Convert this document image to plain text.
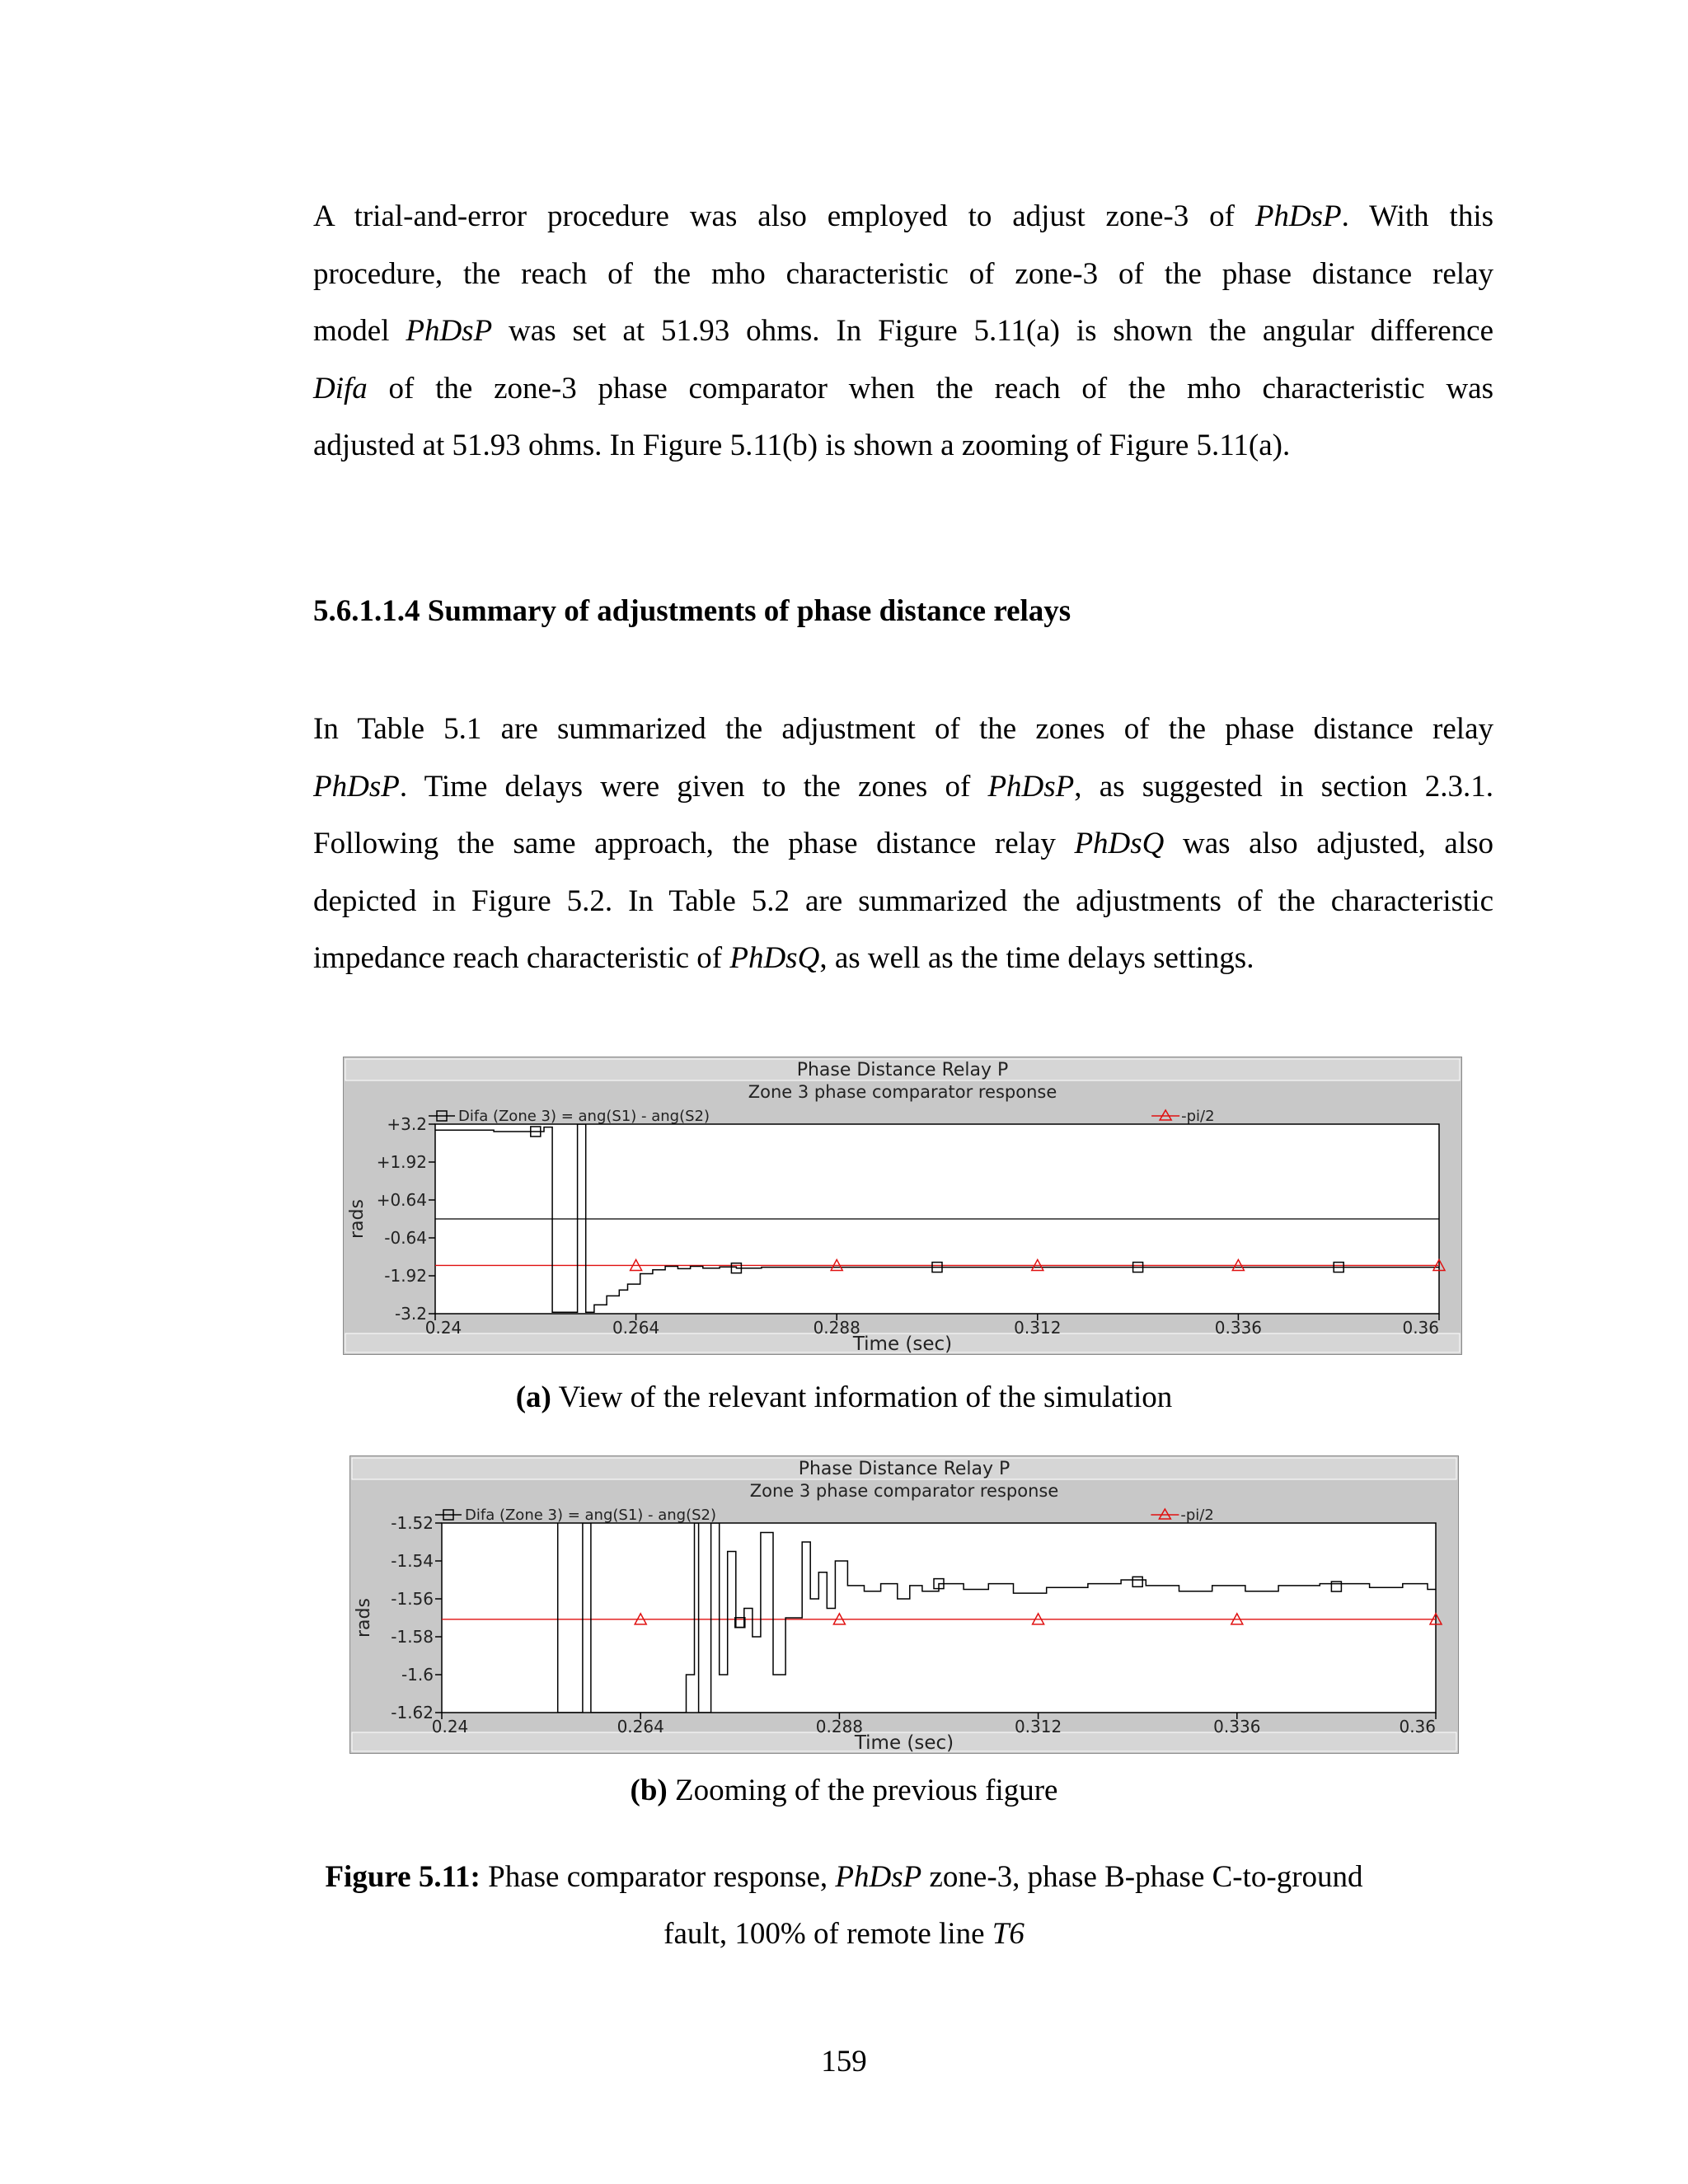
A trial-and-error procedure was also employed to adjust zone-3 of PhDsP. With this
procedure, the reach of the mho characteristic of zone-3 of the phase distance relay
model PhDsP was set at 51.93 ohms. In Figure 5.11(a) is shown the angular difference
Difa of the zone-3 phase comparator when the reach of the mho characteristic was
adjusted at 51.93 ohms. In Figure 5.11(b) is shown a zooming of Figure 5.11(a).
5.6.1.1.4 Summary of adjustments of phase distance relays
In Table 5.1 are summarized the adjustment of the zones of the phase distance relay
PhDsP. Time delays were given to the zones of PhDsP, as suggested in section 2.3.1.
Following the same approach, the phase distance relay PhDsQ was also adjusted, also
depicted in Figure 5.2. In Table 5.2 are summarized the adjustments of the characteristic
impedance reach characteristic of PhDsQ, as well as the time delays settings.
Phase Distance Relay P
Zone 3 phase comparator response
rads
+3.2
+1.92
+0.64
-0.64
-1.92
-3.2
0.24	0.264	0.288	0.312	0.336	0.36
Time (sec)
Difa (Zone 3) = ang(S1) - ang(S2)	-pi/2

(a) View of the relevant information of the simulation

Phase Distance Relay P
Zone 3 phase comparator response
rads
-1.52
-1.54
-1.56
-1.58
-1.6
-1.62
0.24	0.264	0.288	0.312	0.336	0.36
Time (sec)
Difa (Zone 3) = ang(S1) - ang(S2)	-pi/2

(b) Zooming of the previous figure

Figure 5.11: Phase comparator response, PhDsP zone-3, phase B-phase C-to-ground

fault, 100% of remote line T6

159
